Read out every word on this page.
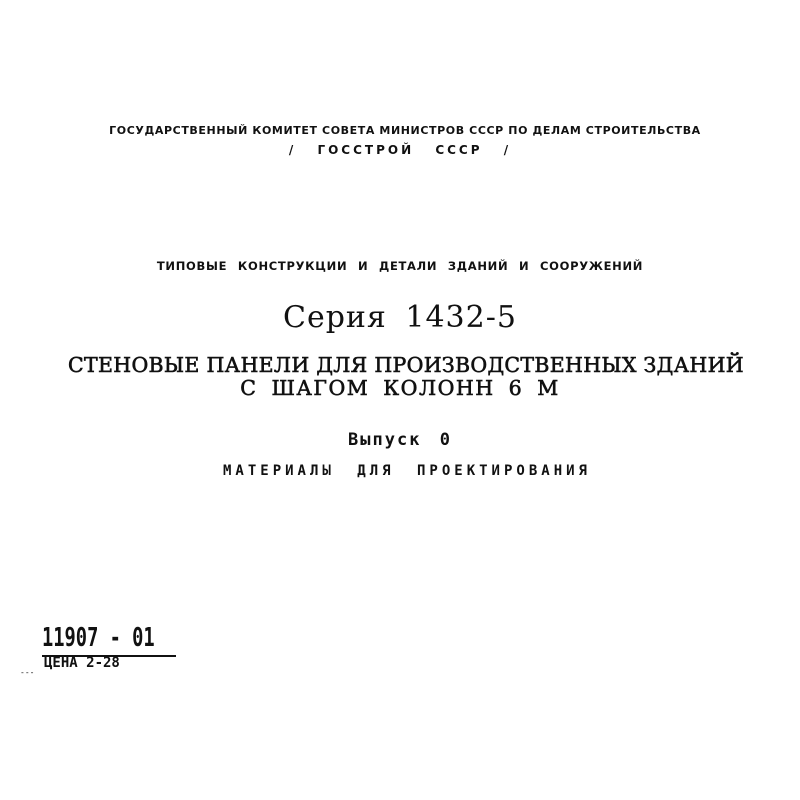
ГОСУДАРСТВЕННЫЙ КОМИТЕТ СОВЕТА МИНИСТРОВ СССР ПО ДЕЛАМ СТРОИТЕЛЬСТВА
/ ГОССТРОЙ СССР /
ТИПОВЫЕ КОНСТРУКЦИИ И ДЕТАЛИ ЗДАНИЙ И СООРУЖЕНИЙ
Серия 1432-5
СТЕНОВЫЕ ПАНЕЛИ ДЛЯ ПРОИЗВОДСТВЕННЫХ ЗДАНИЙ
С ШАГОМ КОЛОНН 6 М
Выпуск 0
МАТЕРИАЛЫ ДЛЯ ПРОЕКТИРОВАНИЯ
11907 - 01
---
ЦЕНА 2-28
